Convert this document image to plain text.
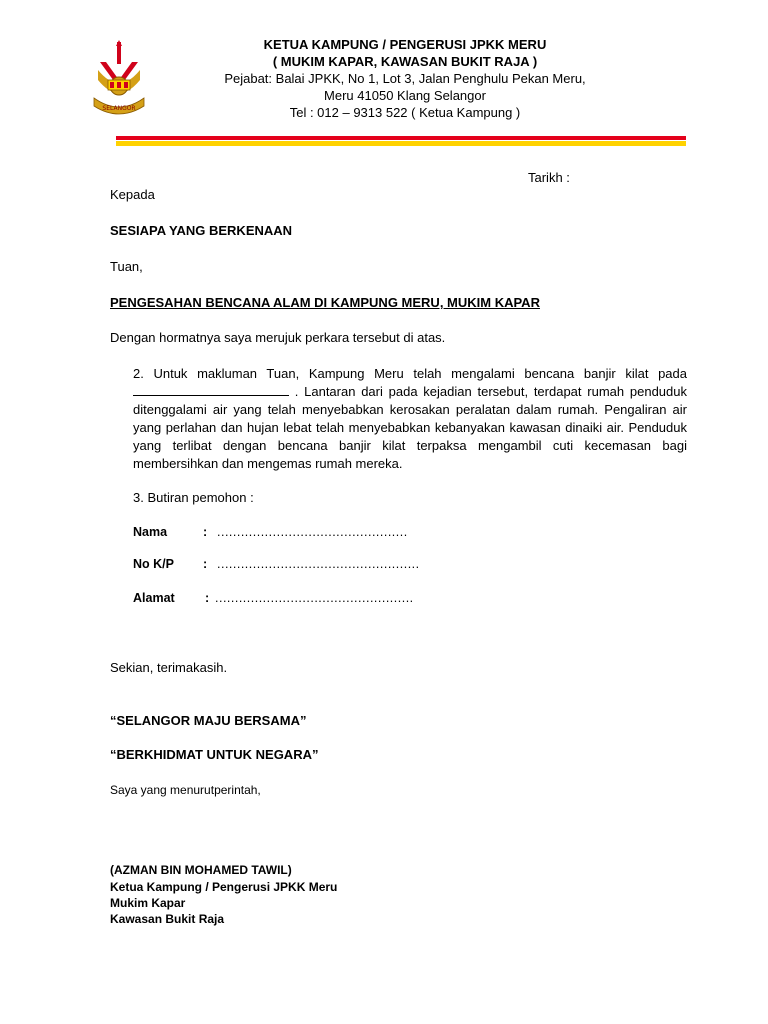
SELANGOR
KETUA KAMPUNG / PENGERUSI JPKK MERU
( MUKIM KAPAR, KAWASAN BUKIT RAJA )
Pejabat: Balai JPKK, No 1, Lot 3, Jalan Penghulu Pekan Meru,
Meru 41050 Klang Selangor
Tel : 012 – 9313 522 ( Ketua Kampung )
Tarikh :
Kepada
SESIAPA YANG BERKENAAN
Tuan,
PENGESAHAN BENCANA ALAM DI KAMPUNG MERU, MUKIM KAPAR
Dengan hormatnya saya merujuk perkara tersebut di atas.
2. Untuk makluman Tuan, Kampung Meru telah mengalami bencana banjir kilat pada  . Lantaran dari pada kejadian tersebut, terdapat rumah penduduk ditenggalami air yang telah menyebabkan kerosakan peralatan dalam rumah. Pengaliran air yang perlahan dan hujan lebat telah menyebabkan kebanyakan kawasan dinaiki air. Penduduk yang terlibat dengan bencana banjir kilat terpaksa mengambil cuti kecemasan bagi membersihkan dan mengemas rumah mereka.
3. Butiran pemohon :
Nama	: ................................................
No K/P : ...................................................
Alamat : ..................................................
Sekian, terimakasih.
“SELANGOR MAJU BERSAMA”
“BERKHIDMAT UNTUK NEGARA”
Saya yang menurutperintah,
(AZMAN BIN MOHAMED TAWIL)
Ketua Kampung / Pengerusi JPKK Meru
Mukim Kapar
Kawasan Bukit Raja
